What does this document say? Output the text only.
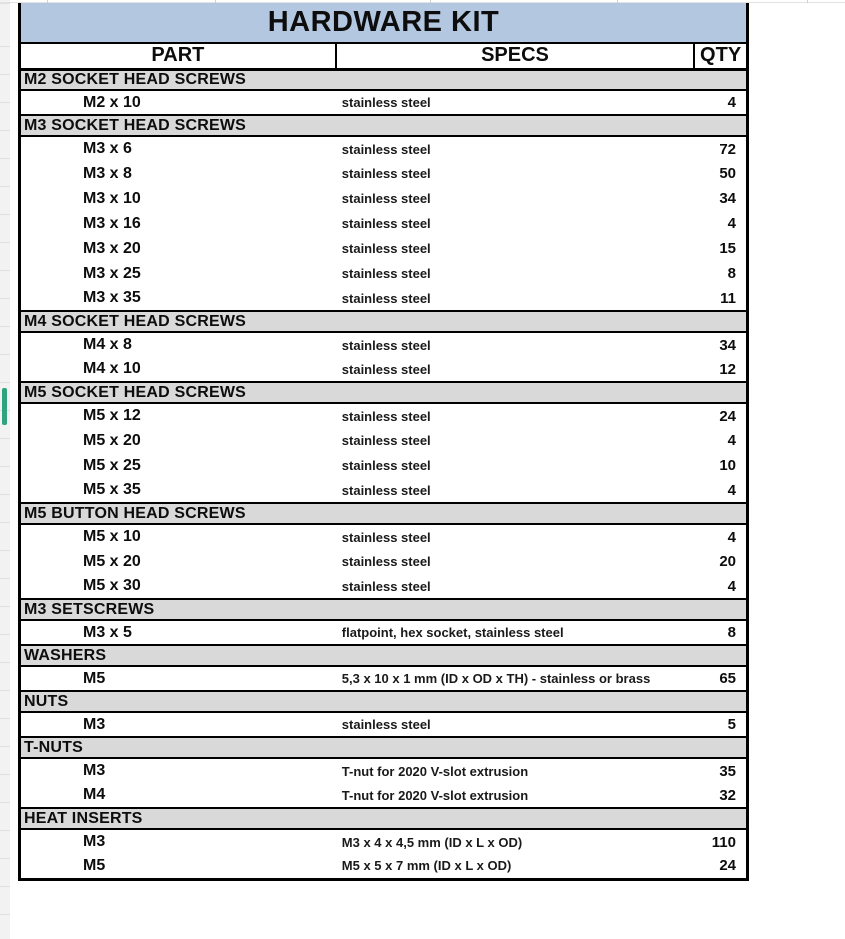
HARDWARE KIT		
PART	SPECS	QTY
M2 SOCKET HEAD SCREWS		
M2 x 10	stainless steel	4
M3 SOCKET HEAD SCREWS		
M3 x 6	stainless steel	72
M3 x 8	stainless steel	50
M3 x 10	stainless steel	34
M3 x 16	stainless steel	4
M3 x 20	stainless steel	15
M3 x 25	stainless steel	8
M3 x 35	stainless steel	11
M4 SOCKET HEAD SCREWS		
M4 x 8	stainless steel	34
M4 x 10	stainless steel	12
M5 SOCKET HEAD SCREWS		
M5 x 12	stainless steel	24
M5 x 20	stainless steel	4
M5 x 25	stainless steel	10
M5 x 35	stainless steel	4
M5 BUTTON HEAD SCREWS		
M5 x 10	stainless steel	4
M5 x 20	stainless steel	20
M5 x 30	stainless steel	4
M3 SETSCREWS		
M3 x 5	flatpoint, hex socket, stainless steel	8
WASHERS		
M5	5,3 x 10 x 1 mm (ID x OD x TH) - stainless or brass	65
NUTS		
M3	stainless steel	5
T-NUTS		
M3	T-nut for 2020 V-slot extrusion	35
M4	T-nut for 2020 V-slot extrusion	32
HEAT INSERTS		
M3	M3 x 4 x 4,5 mm (ID x L x OD)	110
M5	M5 x 5 x 7 mm (ID x L x OD)	24
